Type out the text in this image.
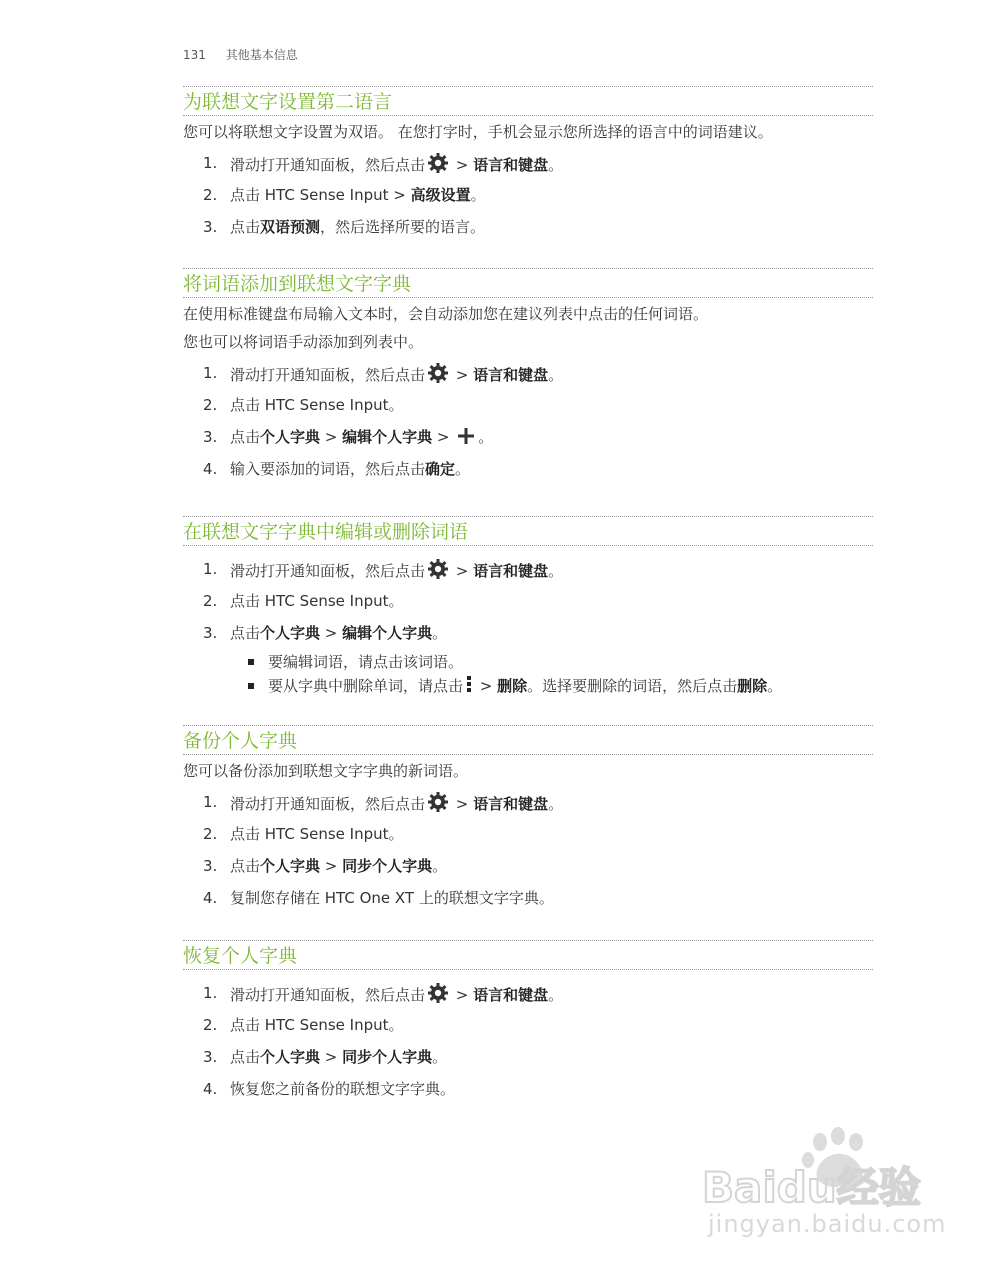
131 其他基本信息
为联想文字设置第二语言
您可以将联想文字设置为双语。 在您打字时，手机会显示您所选择的语言中的词语建议。
1. 滑动打开通知面板，然后点击 > 语言和键盘。
2. 点击 HTC Sense Input > 高级设置。
3. 点击双语预测，然后选择所要的语言。
将词语添加到联想文字字典
在使用标准键盘布局输入文本时，会自动添加您在建议列表中点击的任何词语。
您也可以将词语手动添加到列表中。
1. 滑动打开通知面板，然后点击 > 语言和键盘。
2. 点击 HTC Sense Input。
3. 点击个人字典 > 编辑个人字典 > 。
4. 输入要添加的词语，然后点击确定。
在联想文字字典中编辑或删除词语
1. 滑动打开通知面板，然后点击 > 语言和键盘。
2. 点击 HTC Sense Input。
3. 点击个人字典 > 编辑个人字典。
要编辑词语，请点击该词语。
要从字典中删除单词，请点击 > 删除。选择要删除的词语，然后点击删除。
备份个人字典
您可以备份添加到联想文字字典的新词语。
1. 滑动打开通知面板，然后点击 > 语言和键盘。
2. 点击 HTC Sense Input。
3. 点击个人字典 > 同步个人字典。
4. 复制您存储在 HTC One XT 上的联想文字字典。
恢复个人字典
1. 滑动打开通知面板，然后点击 > 语言和键盘。
2. 点击 HTC Sense Input。
3. 点击个人字典 > 同步个人字典。
4. 恢复您之前备份的联想文字字典。
Baidu经验
jingyan.baidu.com
